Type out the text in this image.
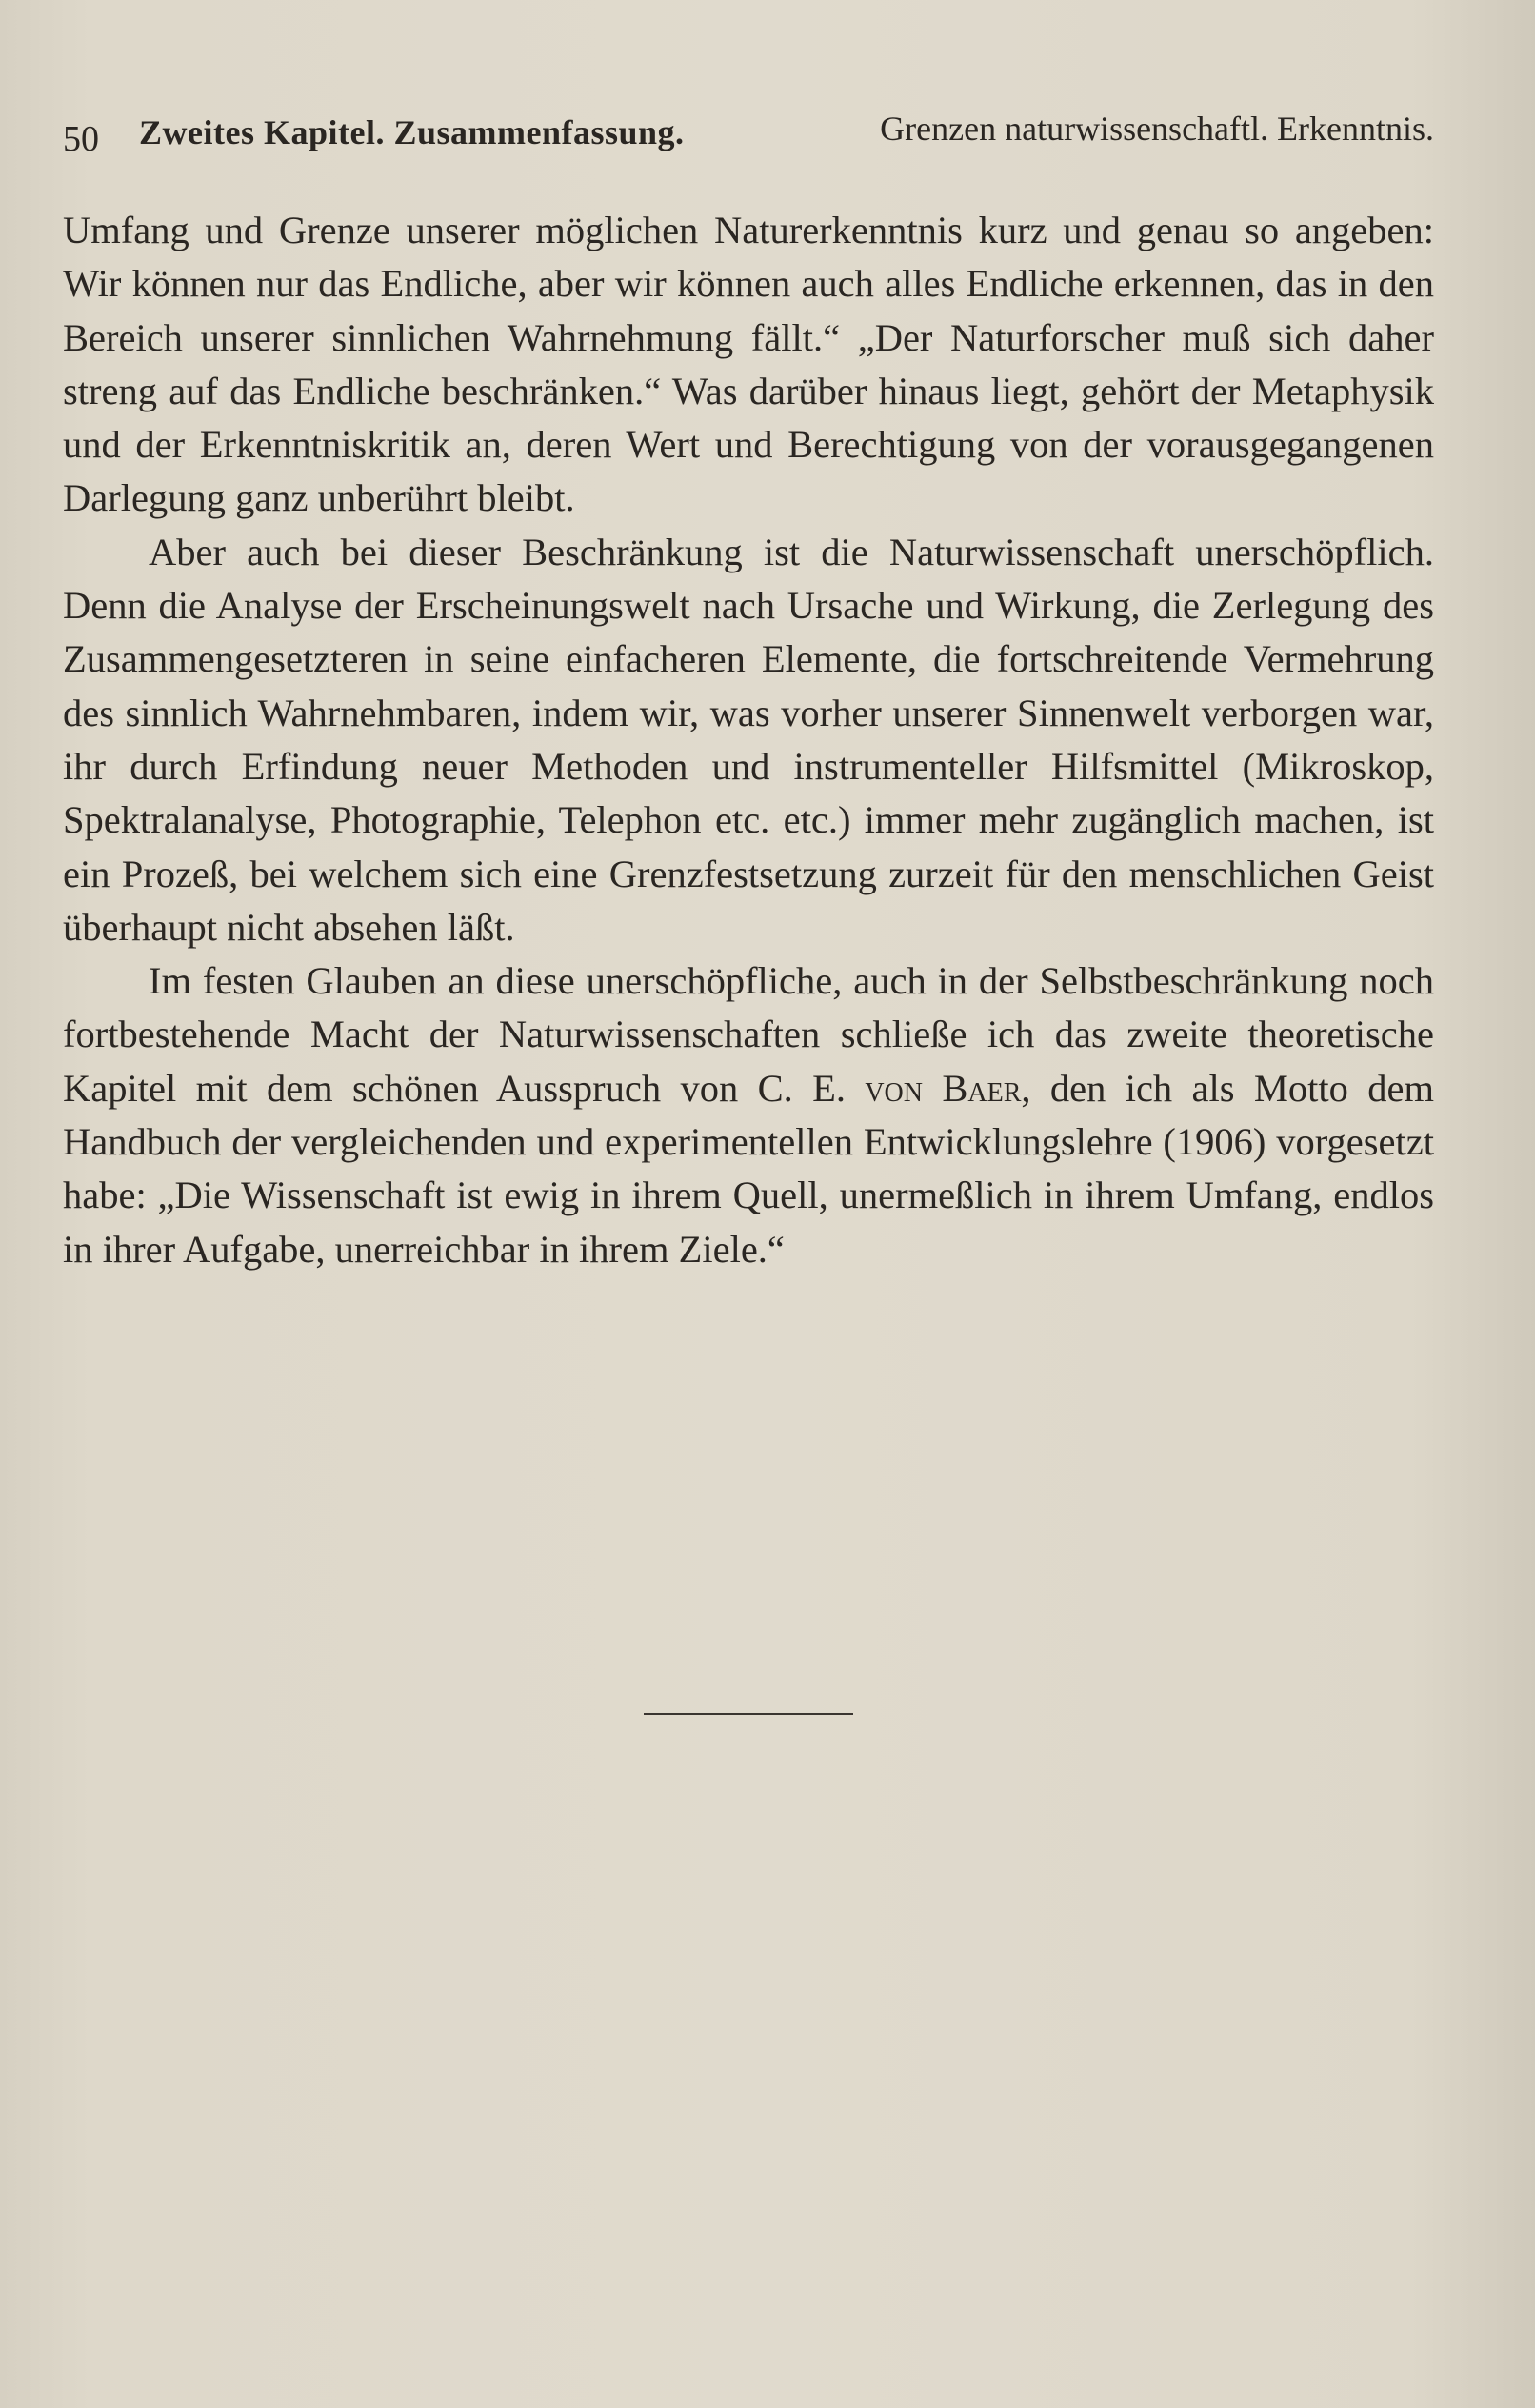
50 Zweites Kapitel. Zusammenfassung.	Grenzen naturwissenschaftl. Erkenntnis.

Umfang und Grenze unserer möglichen Naturerkenntnis kurz und genau so angeben: Wir können nur das Endliche, aber wir können auch alles Endliche erkennen, das in den Bereich unserer sinnlichen Wahrnehmung fällt.“ „Der Naturforscher muß sich daher streng auf das Endliche beschränken.“ Was darüber hinaus liegt, gehört der Metaphysik und der Erkenntniskritik an, deren Wert und Berechtigung von der vorausgegangenen Darlegung ganz unberührt bleibt.

Aber auch bei dieser Beschränkung ist die Naturwissenschaft unerschöpflich. Denn die Analyse der Erscheinungswelt nach Ursache und Wirkung, die Zerlegung des Zusammengesetzteren in seine einfacheren Elemente, die fortschreitende Vermehrung des sinnlich Wahrnehmbaren, indem wir, was vorher unserer Sinnenwelt verborgen war, ihr durch Erfindung neuer Methoden und instrumenteller Hilfsmittel (Mikroskop, Spektralanalyse, Photographie, Telephon etc. etc.) immer mehr zugänglich machen, ist ein Prozeß, bei welchem sich eine Grenzfestsetzung zurzeit für den menschlichen Geist überhaupt nicht absehen läßt.

Im festen Glauben an diese unerschöpfliche, auch in der Selbstbeschränkung noch fortbestehende Macht der Naturwissenschaften schließe ich das zweite theoretische Kapitel mit dem schönen Ausspruch von C. E. von Baer, den ich als Motto dem Handbuch der vergleichenden und experimentellen Entwicklungslehre (1906) vorgesetzt habe: „Die Wissenschaft ist ewig in ihrem Quell, unermeßlich in ihrem Umfang, endlos in ihrer Aufgabe, unerreichbar in ihrem Ziele.“
